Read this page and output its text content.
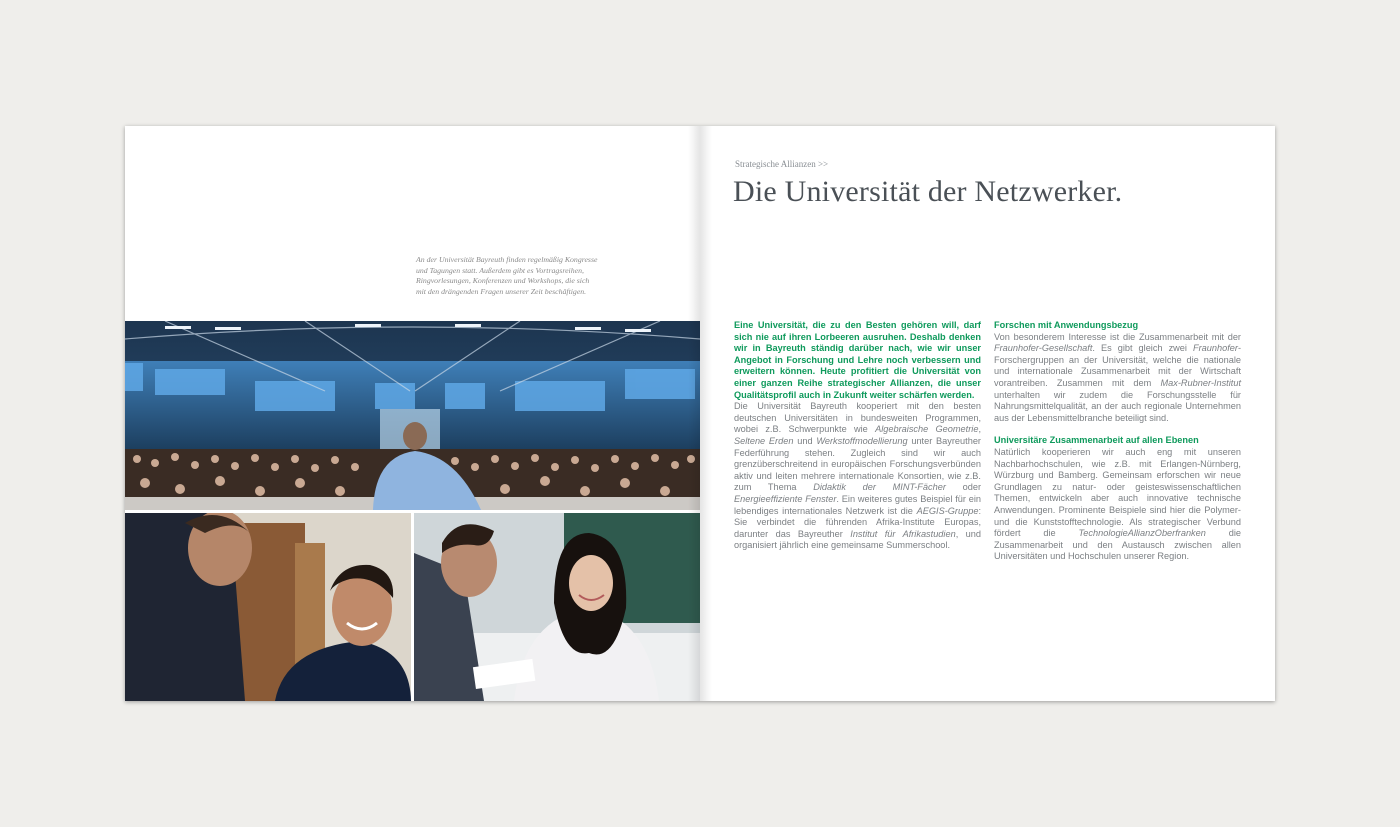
An der Universität Bayreuth finden regelmäßig Kongresse und Tagungen statt. Außerdem gibt es Vortragsreihen, Ringvorlesungen, Konferenzen und Workshops, die sich mit den drängenden Fragen unserer Zeit beschäftigen.

Strategische Allianzen >>

Die Universität der Netzwerker.

Eine Universität, die zu den Besten gehören will, darf sich nie auf ihren Lorbeeren ausruhen. Deshalb denken wir in Bayreuth ständig darüber nach, wie wir unser Angebot in Forschung und Lehre noch verbessern und erweitern können. Heute profitiert die Universität von einer ganzen Reihe strategischer Allianzen, die unser Qualitätsprofil auch in Zukunft weiter schärfen werden.

Die Universität Bayreuth kooperiert mit den besten deutschen Universitäten in bundesweiten Programmen, wobei z.B. Schwerpunkte wie Algebraische Geometrie, Seltene Erden und Werkstoffmodellierung unter Bayreuther Federführung stehen. Zugleich sind wir auch grenzüberschreitend in europäischen Forschungsverbünden aktiv und leiten mehrere internationale Konsortien, wie z.B. zum Thema Didaktik der MINT-Fächer oder Energieeffiziente Fenster. Ein weiteres gutes Beispiel für ein lebendiges internationales Netzwerk ist die AEGIS-Gruppe: Sie verbindet die führenden Afrika-Institute Europas, darunter das Bayreuther Institut für Afrikastudien, und organisiert jährlich eine gemeinsame Summerschool.

Forschen mit Anwendungsbezug

Von besonderem Interesse ist die Zusammenarbeit mit der Fraunhofer-Gesellschaft. Es gibt gleich zwei Fraunhofer-Forschergruppen an der Universität, welche die nationale und internationale Zusammenarbeit mit der Wirtschaft vorantreiben. Zusammen mit dem Max-Rubner-Institut unterhalten wir zudem die Forschungsstelle für Nahrungsmittelqualität, an der auch regionale Unternehmen aus der Lebensmittelbranche beteiligt sind.

Universitäre Zusammenarbeit auf allen Ebenen

Natürlich kooperieren wir auch eng mit unseren Nachbarhochschulen, wie z.B. mit Erlangen-Nürnberg, Würzburg und Bamberg. Gemeinsam erforschen wir neue Grundlagen zu natur- oder geisteswissenschaftlichen Themen, entwickeln aber auch innovative technische Anwendungen. Prominente Beispiele sind hier die Polymer- und die Kunststofftechnologie. Als strategischer Verbund fördert die TechnologieAllianzOberfranken die Zusammenarbeit und den Austausch zwischen allen Universitäten und Hochschulen unserer Region.
